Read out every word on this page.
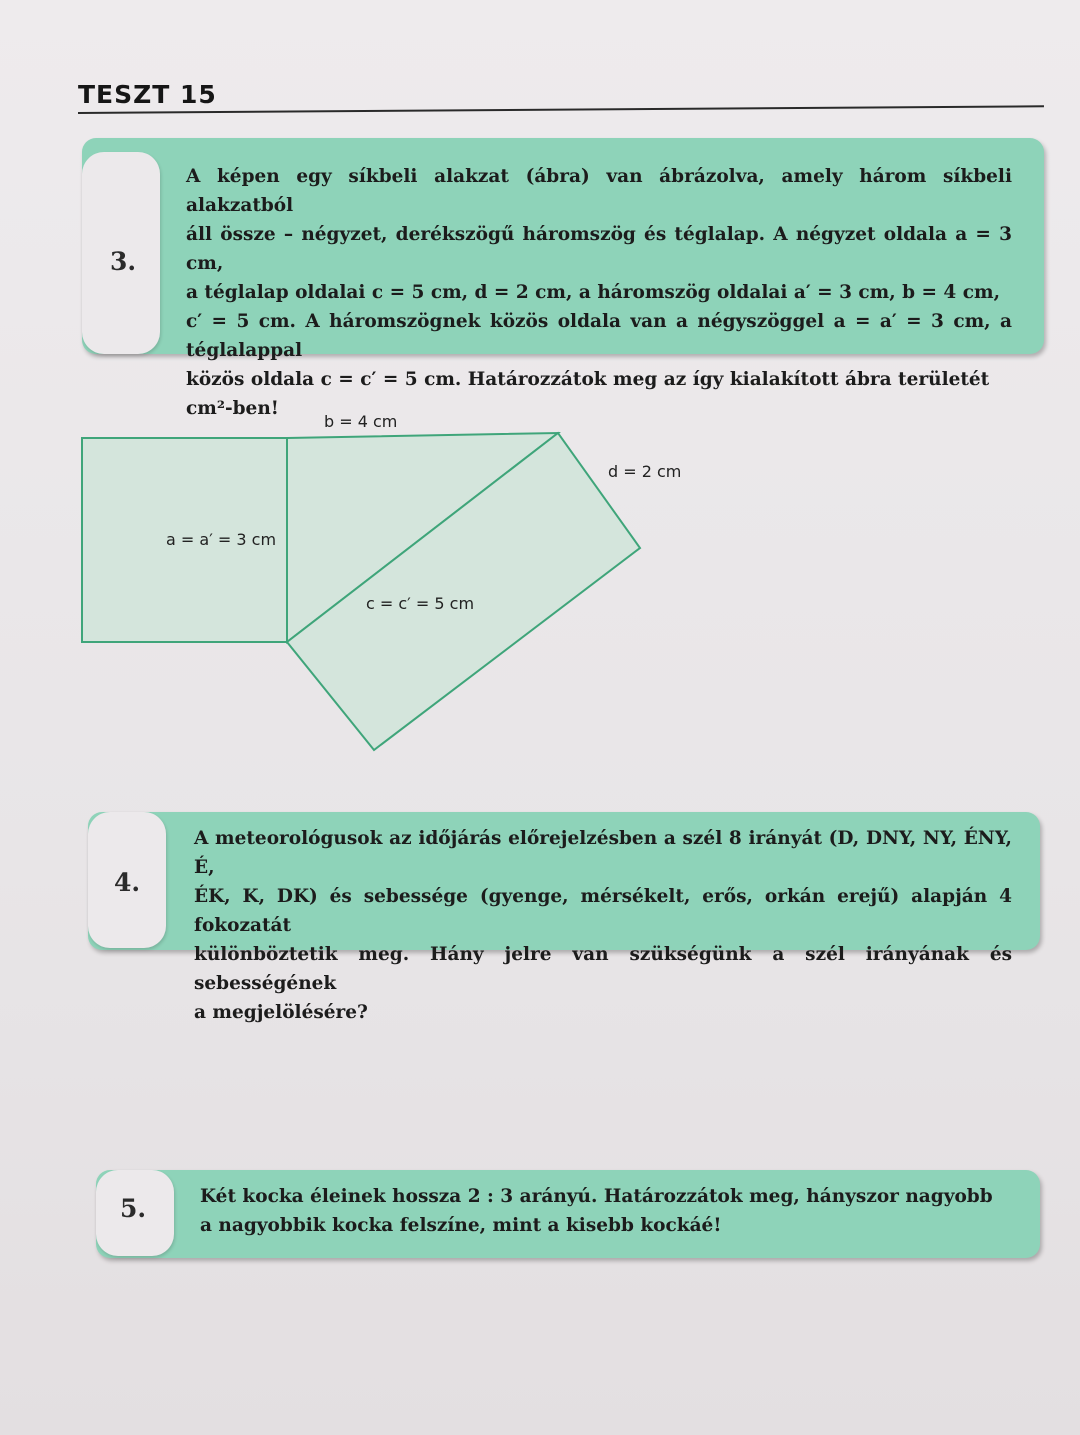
TESZT 15
3.

A képen egy síkbeli alakzat (ábra) van ábrázolva, amely három síkbeli alakzatból

áll össze – négyzet, derékszögű háromszög és téglalap. A négyzet oldala a = 3 cm,

a téglalap oldalai c = 5 cm, d = 2 cm, a háromszög oldalai a′ = 3 cm, b = 4 cm,

c′ = 5 cm. A háromszögnek közös oldala van a négyszöggel a = a′ = 3 cm, a téglalappal

közös oldala c = c′ = 5 cm. Határozzátok meg az így kialakított ábra területét

cm²-ben!

b = 4 cm
d = 2 cm
a = a′ = 3 cm
c = c′ = 5 cm
4.

A meteorológusok az időjárás előrejelzésben a szél 8 irányát (D, DNY, NY, ÉNY, É,

ÉK, K, DK) és sebessége (gyenge, mérsékelt, erős, orkán erejű) alapján 4 fokozatát

különböztetik meg. Hány jelre van szükségünk a szél irányának és sebességének

a megjelölésére?

5.	Két kocka éleinek hossza 2 : 3 arányú. Határozzátok meg, hányszor nagyobb

a nagyobbik kocka felszíne, mint a kisebb kockáé!
